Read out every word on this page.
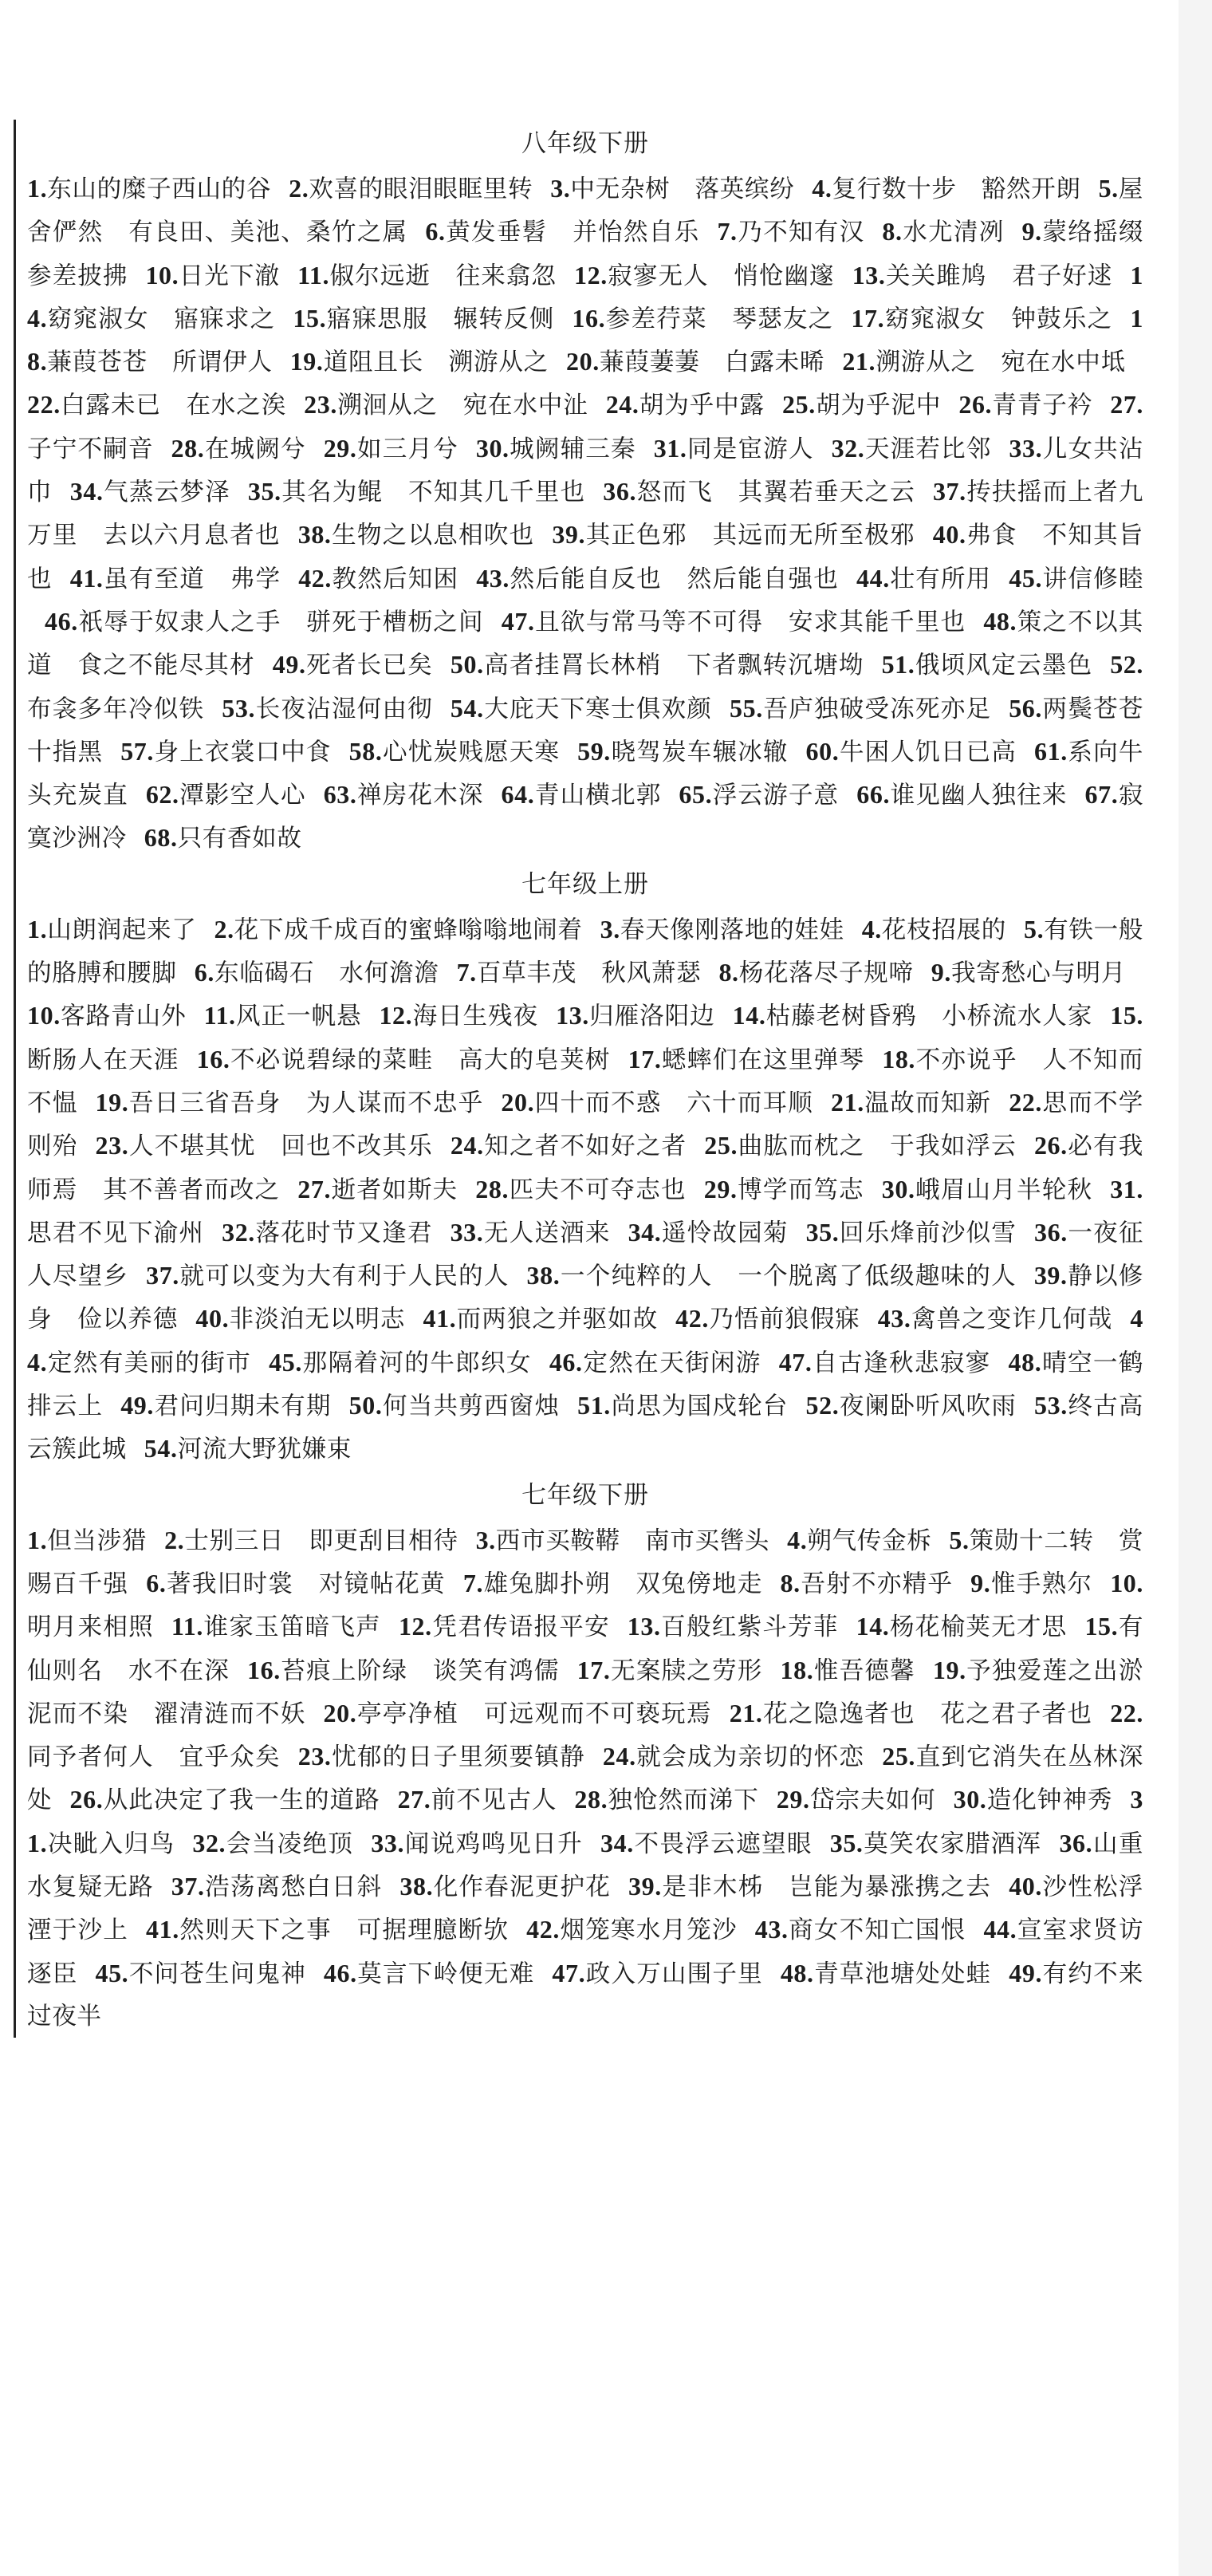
八年级下册
1.东山的糜子西山的谷 2.欢喜的眼泪眼眶里转 3.中无杂树　落英缤纷 4.复行数十步　豁然开朗 5.屋舍俨然　有良田、美池、桑竹之属 6.黄发垂髫　并怡然自乐 7.乃不知有汉 8.水尤清冽 9.蒙络摇缀　参差披拂 10.日光下澈 11.俶尔远逝　往来翕忽 12.寂寥无人　悄怆幽邃 13.关关雎鸠　君子好逑 14.窈窕淑女　寤寐求之 15.寤寐思服　辗转反侧 16.参差荇菜　琴瑟友之 17.窈窕淑女　钟鼓乐之 18.蒹葭苍苍　所谓伊人 19.道阻且长　溯游从之 20.蒹葭萋萋　白露未晞 21.溯游从之　宛在水中坻22.白露未已　在水之涘 23.溯洄从之　宛在水中沚 24.胡为乎中露 25.胡为乎泥中 26.青青子衿 27.子宁不嗣音 28.在城阙兮 29.如三月兮 30.城阙辅三秦 31.同是宦游人 32.天涯若比邻 33.儿女共沾巾 34.气蒸云梦泽 35.其名为鲲　不知其几千里也 36.怒而飞　其翼若垂天之云 37.抟扶摇而上者九万里　去以六月息者也 38.生物之以息相吹也 39.其正色邪　其远而无所至极邪 40.弗食　不知其旨也 41.虽有至道　弗学 42.教然后知困 43.然后能自反也　然后能自强也 44.壮有所用 45.讲信修睦46.祇辱于奴隶人之手　骈死于槽枥之间 47.且欲与常马等不可得　安求其能千里也 48.策之不以其道　食之不能尽其材 49.死者长已矣 50.高者挂罥长林梢　下者飘转沉塘坳 51.俄顷风定云墨色 52.布衾多年冷似铁 53.长夜沾湿何由彻 54.大庇天下寒士俱欢颜 55.吾庐独破受冻死亦足 56.两鬓苍苍十指黑 57.身上衣裳口中食 58.心忧炭贱愿天寒 59.晓驾炭车辗冰辙 60.牛困人饥日已高 61.系向牛头充炭直 62.潭影空人心 63.禅房花木深 64.青山横北郭 65.浮云游子意 66.谁见幽人独往来 67.寂寞沙洲冷 68.只有香如故
七年级上册
1.山朗润起来了 2.花下成千成百的蜜蜂嗡嗡地闹着 3.春天像刚落地的娃娃 4.花枝招展的 5.有铁一般的胳膊和腰脚 6.东临碣石　水何澹澹 7.百草丰茂　秋风萧瑟 8.杨花落尽子规啼 9.我寄愁心与明月10.客路青山外 11.风正一帆悬 12.海日生残夜 13.归雁洛阳边 14.枯藤老树昏鸦　小桥流水人家 15.断肠人在天涯 16.不必说碧绿的菜畦　高大的皂荚树 17.蟋蟀们在这里弹琴 18.不亦说乎　人不知而不愠 19.吾日三省吾身　为人谋而不忠乎 20.四十而不惑　六十而耳顺 21.温故而知新 22.思而不学则殆 23.人不堪其忧　回也不改其乐 24.知之者不如好之者 25.曲肱而枕之　于我如浮云 26.必有我师焉　其不善者而改之 27.逝者如斯夫 28.匹夫不可夺志也 29.博学而笃志 30.峨眉山月半轮秋 31.思君不见下渝州 32.落花时节又逢君 33.无人送酒来 34.遥怜故园菊 35.回乐烽前沙似雪 36.一夜征人尽望乡 37.就可以变为大有利于人民的人 38.一个纯粹的人　一个脱离了低级趣味的人 39.静以修身　俭以养德 40.非淡泊无以明志 41.而两狼之并驱如故 42.乃悟前狼假寐 43.禽兽之变诈几何哉 44.定然有美丽的街市 45.那隔着河的牛郎织女 46.定然在天街闲游 47.自古逢秋悲寂寥 48.晴空一鹤排云上 49.君问归期未有期 50.何当共剪西窗烛 51.尚思为国戍轮台 52.夜阑卧听风吹雨 53.终古高云簇此城 54.河流大野犹嫌束
七年级下册
1.但当涉猎 2.士别三日　即更刮目相待 3.西市买鞍鞯　南市买辔头 4.朔气传金柝 5.策勋十二转　赏赐百千强 6.著我旧时裳　对镜帖花黄 7.雄兔脚扑朔　双兔傍地走 8.吾射不亦精乎 9.惟手熟尔 10.明月来相照 11.谁家玉笛暗飞声 12.凭君传语报平安 13.百般红紫斗芳菲 14.杨花榆荚无才思 15.有仙则名　水不在深 16.苔痕上阶绿　谈笑有鸿儒 17.无案牍之劳形 18.惟吾德馨 19.予独爱莲之出淤泥而不染　濯清涟而不妖 20.亭亭净植　可远观而不可亵玩焉 21.花之隐逸者也　花之君子者也 22.同予者何人　宜乎众矣 23.忧郁的日子里须要镇静 24.就会成为亲切的怀恋 25.直到它消失在丛林深处 26.从此决定了我一生的道路 27.前不见古人 28.独怆然而涕下 29.岱宗夫如何 30.造化钟神秀 31.决眦入归鸟 32.会当凌绝顶 33.闻说鸡鸣见日升 34.不畏浮云遮望眼 35.莫笑农家腊酒浑 36.山重水复疑无路 37.浩荡离愁白日斜 38.化作春泥更护花 39.是非木柹　岂能为暴涨携之去 40.沙性松浮　湮于沙上 41.然则天下之事　可据理臆断欤 42.烟笼寒水月笼沙 43.商女不知亡国恨 44.宣室求贤访逐臣 45.不问苍生问鬼神 46.莫言下岭便无难 47.政入万山围子里 48.青草池塘处处蛙 49.有约不来过夜半
